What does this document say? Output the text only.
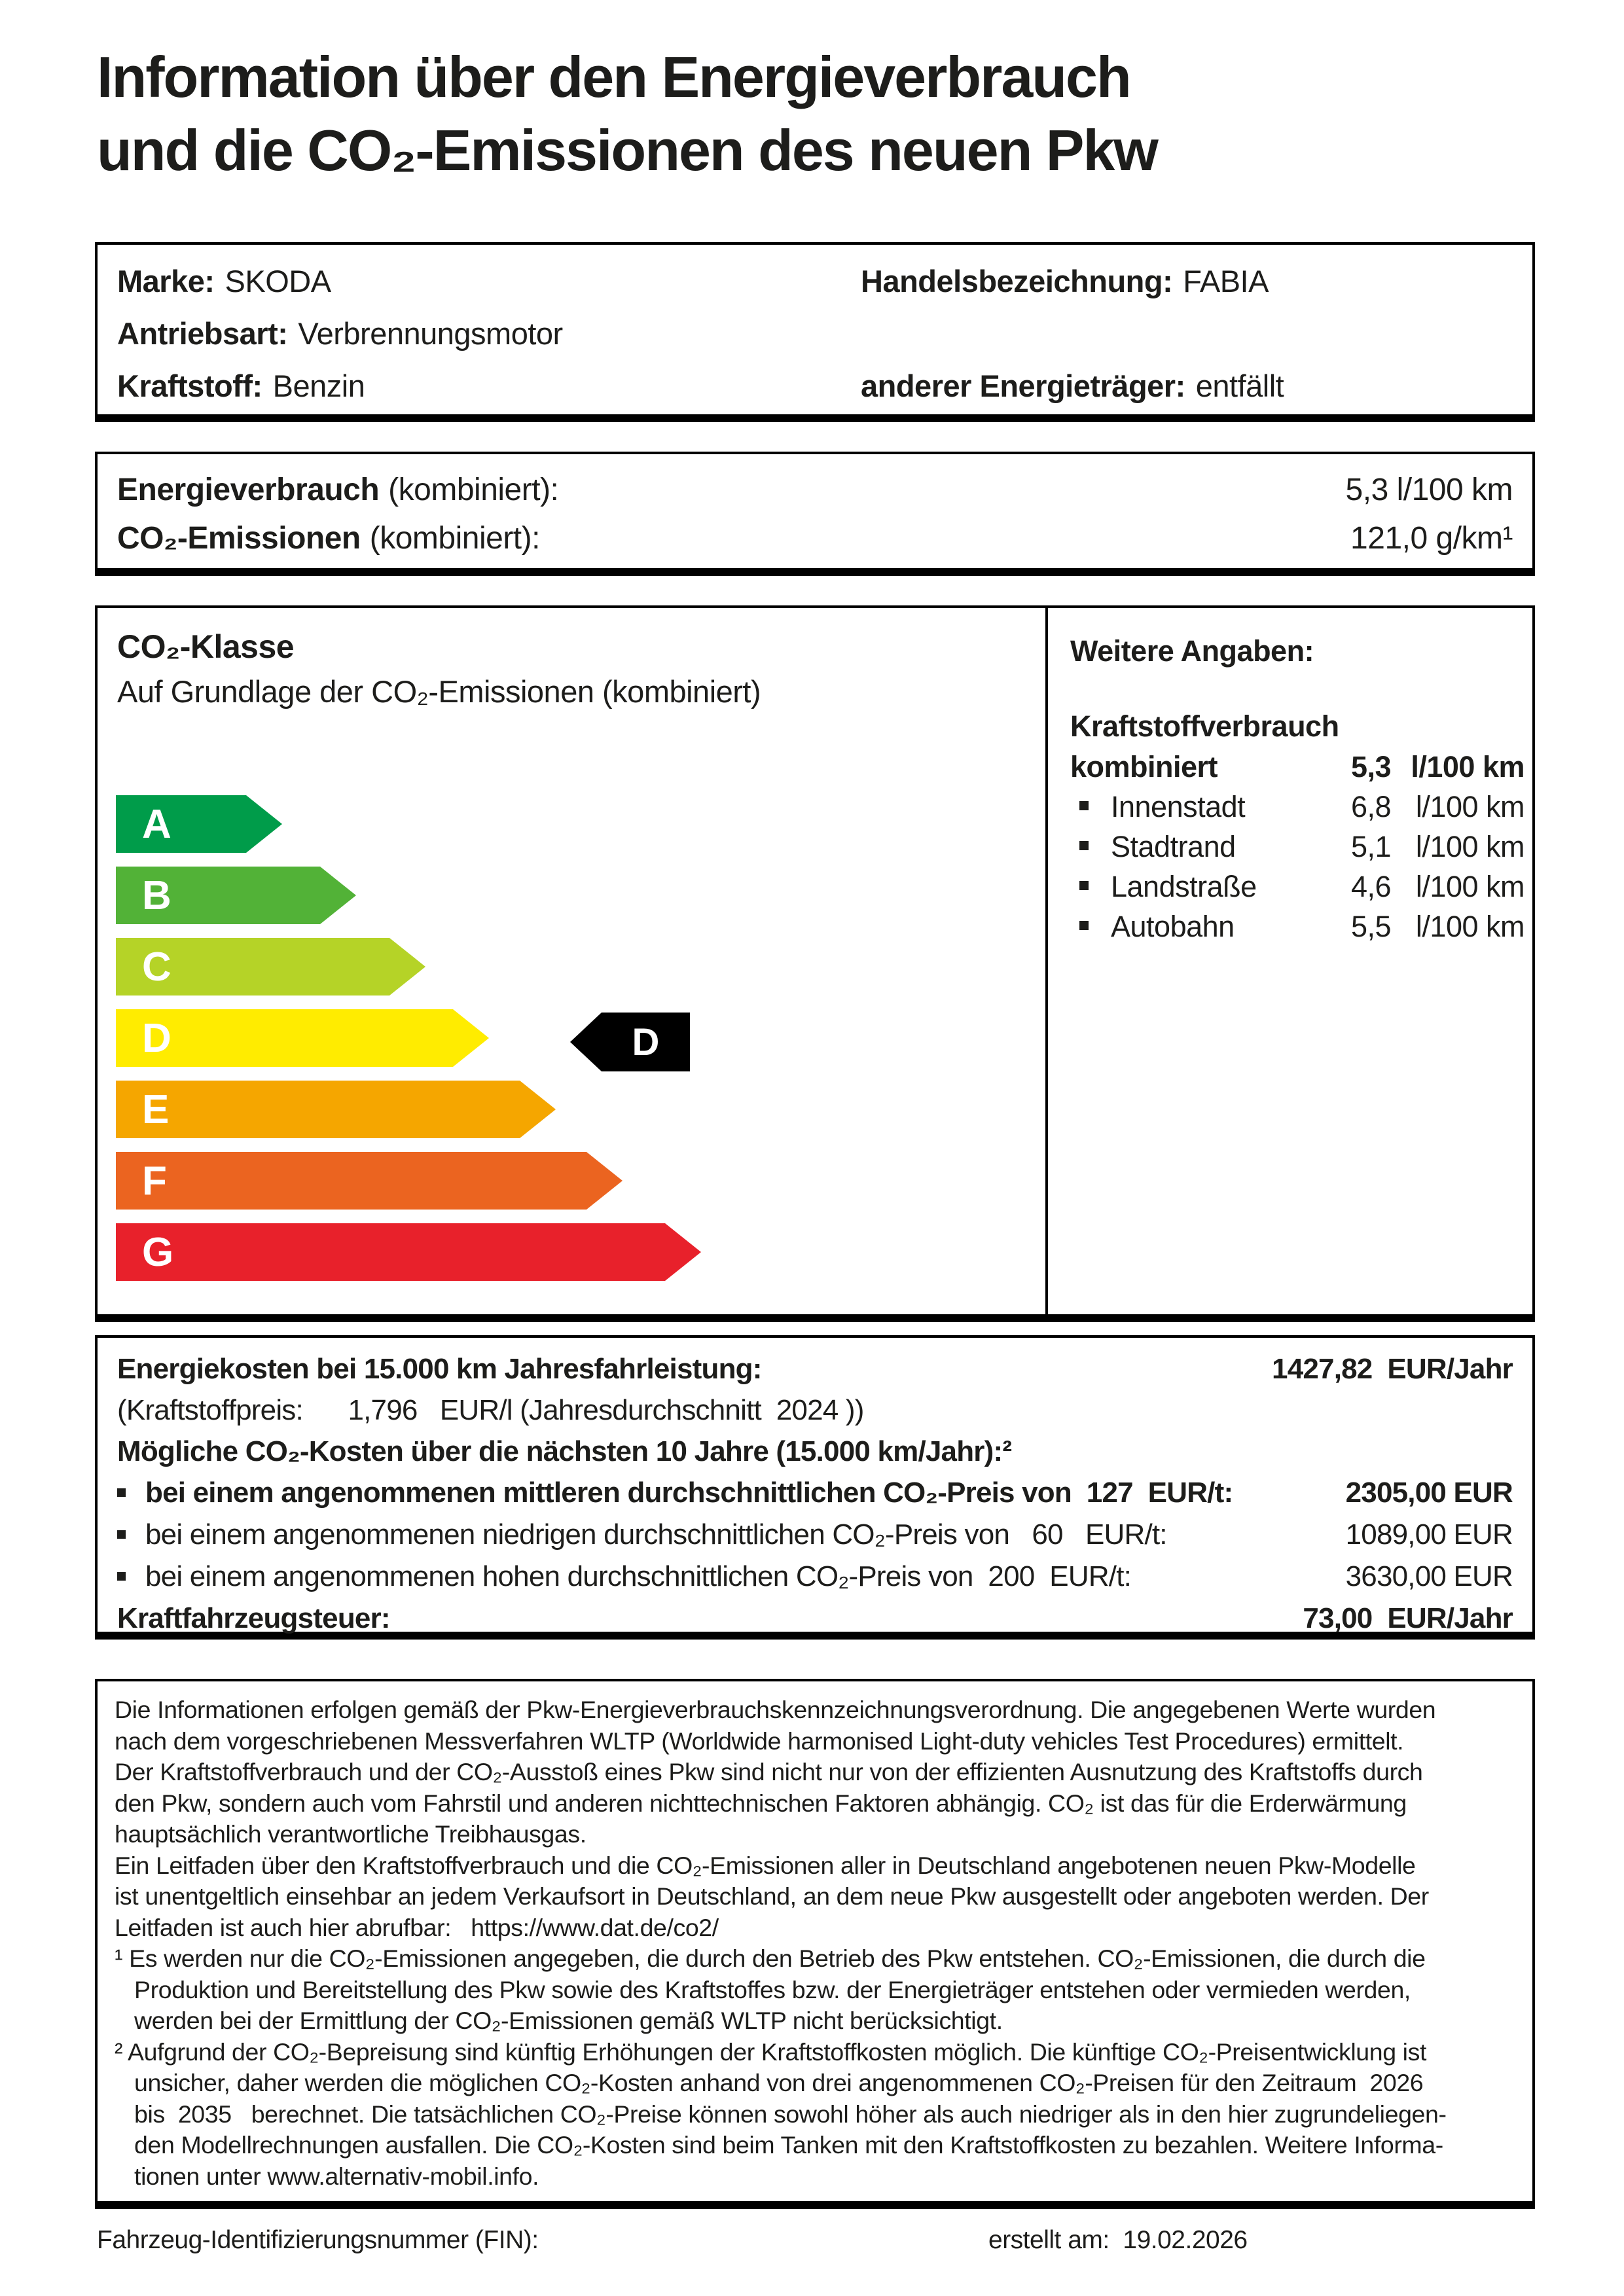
Information über den Energieverbrauch
und die CO₂-Emissionen des neuen Pkw
Marke: SKODA	Handelsbezeichnung: FABIA
Antriebsart: Verbrennungsmotor
Kraftstoff: Benzin	anderer Energieträger: entfällt
Energieverbrauch (kombiniert):	5,3 l/100 km
CO₂-Emissionen (kombiniert):	121,0 g/km¹
CO₂-Klasse
Auf Grundlage der CO₂-Emissionen (kombiniert)
A
B
C
D
E
F
G
D
Weitere Angaben:
Kraftstoffverbrauch
kombiniert	5,3 l/100 km
Innenstadt	6,8 l/100 km
Stadtrand	5,1 l/100 km
Landstraße	4,6 l/100 km
Autobahn	5,5 l/100 km
Energiekosten bei 15.000 km Jahresfahrleistung:	1427,82  EUR/Jahr
(Kraftstoffpreis:      1,796   EUR/l (Jahresdurchschnitt  2024 ))
Mögliche CO₂-Kosten über die nächsten 10 Jahre (15.000 km/Jahr):²
bei einem angenommenen mittleren durchschnittlichen CO₂-Preis von  127  EUR/t:	2305,00 EUR
bei einem angenommenen niedrigen durchschnittlichen CO₂-Preis von   60   EUR/t:	1089,00 EUR
bei einem angenommenen hohen durchschnittlichen CO₂-Preis von  200  EUR/t:	3630,00 EUR
Kraftfahrzeugsteuer:	73,00  EUR/Jahr
Die Informationen erfolgen gemäß der Pkw-Energieverbrauchskennzeichnungsverordnung. Die angegebenen Werte wurden
nach dem vorgeschriebenen Messverfahren WLTP (Worldwide harmonised Light-duty vehicles Test Procedures) ermittelt.
Der Kraftstoffverbrauch und der CO₂-Ausstoß eines Pkw sind nicht nur von der effizienten Ausnutzung des Kraftstoffs durch
den Pkw, sondern auch vom Fahrstil und anderen nichttechnischen Faktoren abhängig. CO₂ ist das für die Erderwärmung
hauptsächlich verantwortliche Treibhausgas.
Ein Leitfaden über den Kraftstoffverbrauch und die CO₂-Emissionen aller in Deutschland angebotenen neuen Pkw-Modelle
ist unentgeltlich einsehbar an jedem Verkaufsort in Deutschland, an dem neue Pkw ausgestellt oder angeboten werden. Der
Leitfaden ist auch hier abrufbar:   https://www.dat.de/co2/
¹ Es werden nur die CO₂-Emissionen angegeben, die durch den Betrieb des Pkw entstehen. CO₂-Emissionen, die durch die
Produktion und Bereitstellung des Pkw sowie des Kraftstoffes bzw. der Energieträger entstehen oder vermieden werden,
werden bei der Ermittlung der CO₂-Emissionen gemäß WLTP nicht berücksichtigt.
² Aufgrund der CO₂-Bepreisung sind künftig Erhöhungen der Kraftstoffkosten möglich. Die künftige CO₂-Preisentwicklung ist
unsicher, daher werden die möglichen CO₂-Kosten anhand von drei angenommenen CO₂-Preisen für den Zeitraum  2026
bis  2035   berechnet. Die tatsächlichen CO₂-Preise können sowohl höher als auch niedriger als in den hier zugrundeliegen-
den Modellrechnungen ausfallen. Die CO₂-Kosten sind beim Tanken mit den Kraftstoffkosten zu bezahlen. Weitere Informa-
tionen unter www.alternativ-mobil.info.
Fahrzeug-Identifizierungsnummer (FIN):	erstellt am:  19.02.2026
